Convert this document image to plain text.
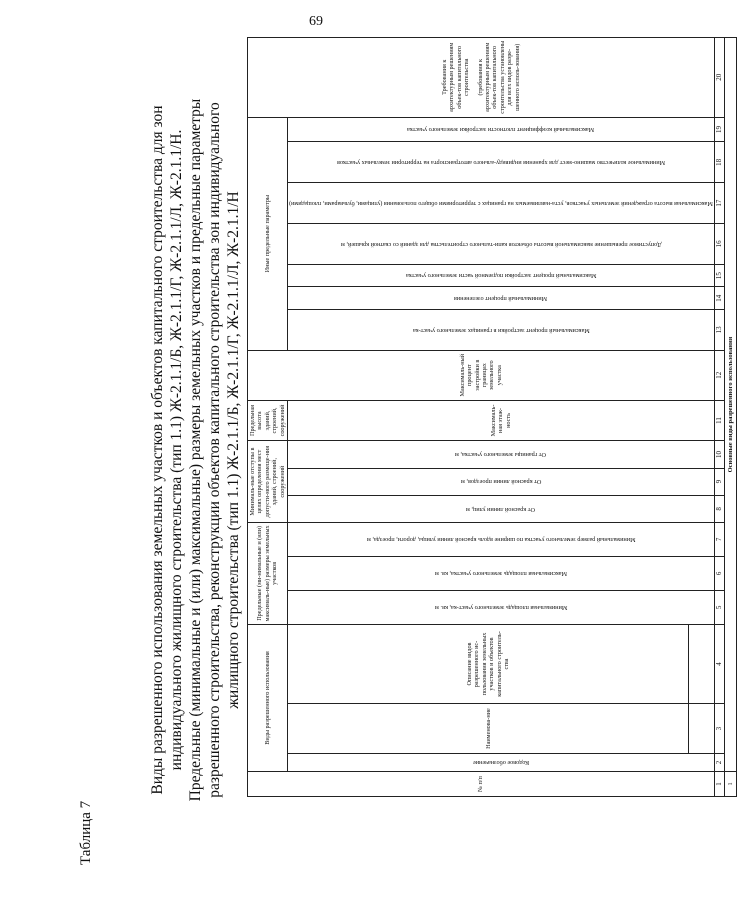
69
Таблица 7
Виды разрешенного использования земельных участков и объектов капитального строительства для зон индивидуального жилищного строительства (тип 1.1) Ж-2.1.1/Б, Ж-2.1.1/Г, Ж-2.1.1/Л, Ж-2.1.1/Н. Предельные (минимальные и (или) максимальные) размеры земельных участков и предельные параметры разрешенного строительства, реконструкции объектов капитального строительства зон индивидуального жилищного строительства (тип 1.1) Ж-2.1.1/Б, Ж-2.1.1/Г, Ж-2.1.1/Л, Ж-2.1.1/Н
№ п/п	Виды разрешенного использования			Предельные (ми-нимальные и (или) максималь-ные) размеры земельных участков			Минималь-ные отступы в целях определения мест допусти-мого размеще-ния зданий, строений, сооружений			Предельная высота зданий, строений, сооружений	Максималь-ный процент застройки в границах земельного участка	Иные предельные параметры							Требования к архитектурным решениям объек-тов капитального строительства (требования к архитектурным решениям объек-тов капитального строительства установлены для всех видов разре-шенного исполь-зования)

	Кодовое обозначение	Наименова-ние	Описание видов разрешенного ис-пользования земельных участков и объектов капитального строитель-ства	Минимальная площадь земельного участ-ка, кв. м	Максимальная площадь земельного участка, кв. м	Минимальный размер земельного участка по ширине вдоль красной линии улицы, дороги, проезда, м	От красной линии улиц, м	От красной линии проездов, м	От границы земельного участка, м	Максималь-ная этаж-ность		Максимальный процент застройки в границах земельного участ-ка	Минимальный процент озеленения	Максимальный процент застройки подземной части земельного участка	Допустимое превышение максимальной высоты объектов капи-тального строительства для зданий со скатной крышей, м	Максимальная высота ограждений земельных участков, уста-навливаемых на границах с территориями общего пользования (улицами, бульварами, площадями)	Минимальное количество машино-мест для хранения индивиду-ального автотранспорта на территории земельных участков	Максимальный коэффициент плотности застройки земельного участка	

1	2	3	4	5	6	7	8	9	10	11	12	13	14	15	16	17	18	19	20
1	Основные виды разрешенного использования																		
